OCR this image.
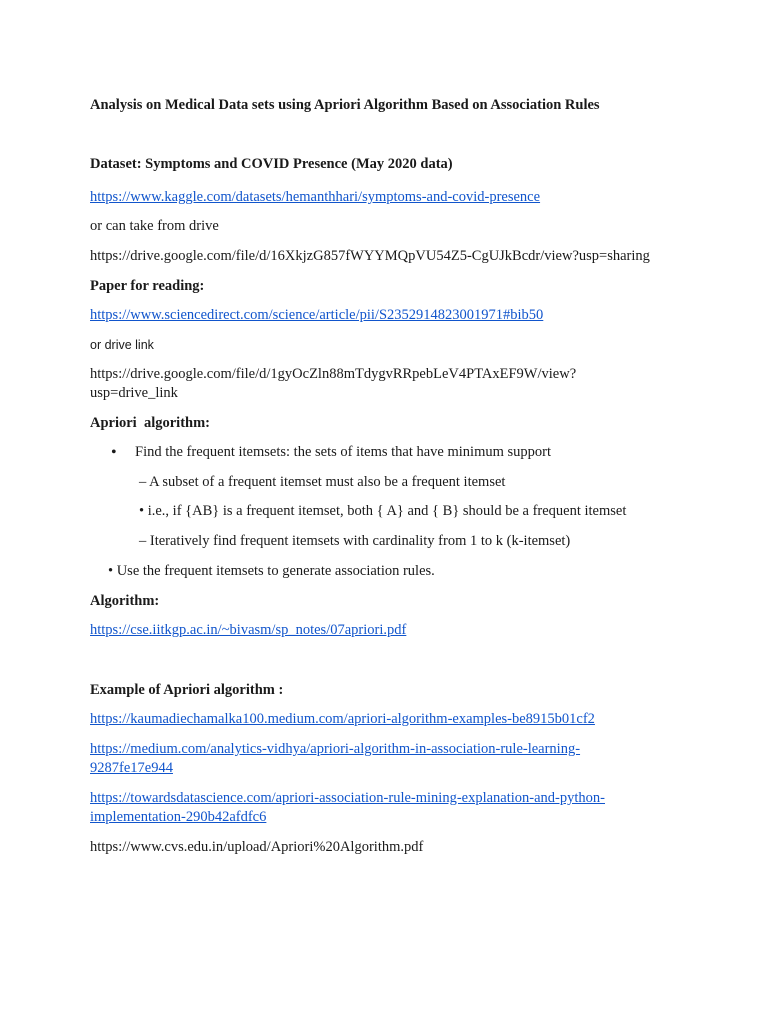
Analysis on Medical Data sets using Apriori Algorithm Based on Association Rules
Dataset: Symptoms and COVID Presence (May 2020 data)
https://www.kaggle.com/datasets/hemanthhari/symptoms-and-covid-presence
or can take from drive
https://drive.google.com/file/d/16XkjzG857fWYYMQpVU54Z5-CgUJkBcdr/view?usp=sharing
Paper for reading:
https://www.sciencedirect.com/science/article/pii/S2352914823001971#bib50
or drive link
https://drive.google.com/file/d/1gyOcZln88mTdygvRRpebLeV4PTAxEF9W/view?
usp=drive_link
Apriori  algorithm:
• Find the frequent itemsets: the sets of items that have minimum support
– A subset of a frequent itemset must also be a frequent itemset
• i.e., if {AB} is a frequent itemset, both { A} and { B} should be a frequent itemset
– Iteratively find frequent itemsets with cardinality from 1 to k (k-itemset)
• Use the frequent itemsets to generate association rules.
Algorithm:
https://cse.iitkgp.ac.in/~bivasm/sp_notes/07apriori.pdf
Example of Apriori algorithm :
https://kaumadiechamalka100.medium.com/apriori-algorithm-examples-be8915b01cf2
https://medium.com/analytics-vidhya/apriori-algorithm-in-association-rule-learning-
9287fe17e944
https://towardsdatascience.com/apriori-association-rule-mining-explanation-and-python-
implementation-290b42afdfc6
https://www.cvs.edu.in/upload/Apriori%20Algorithm.pdf
